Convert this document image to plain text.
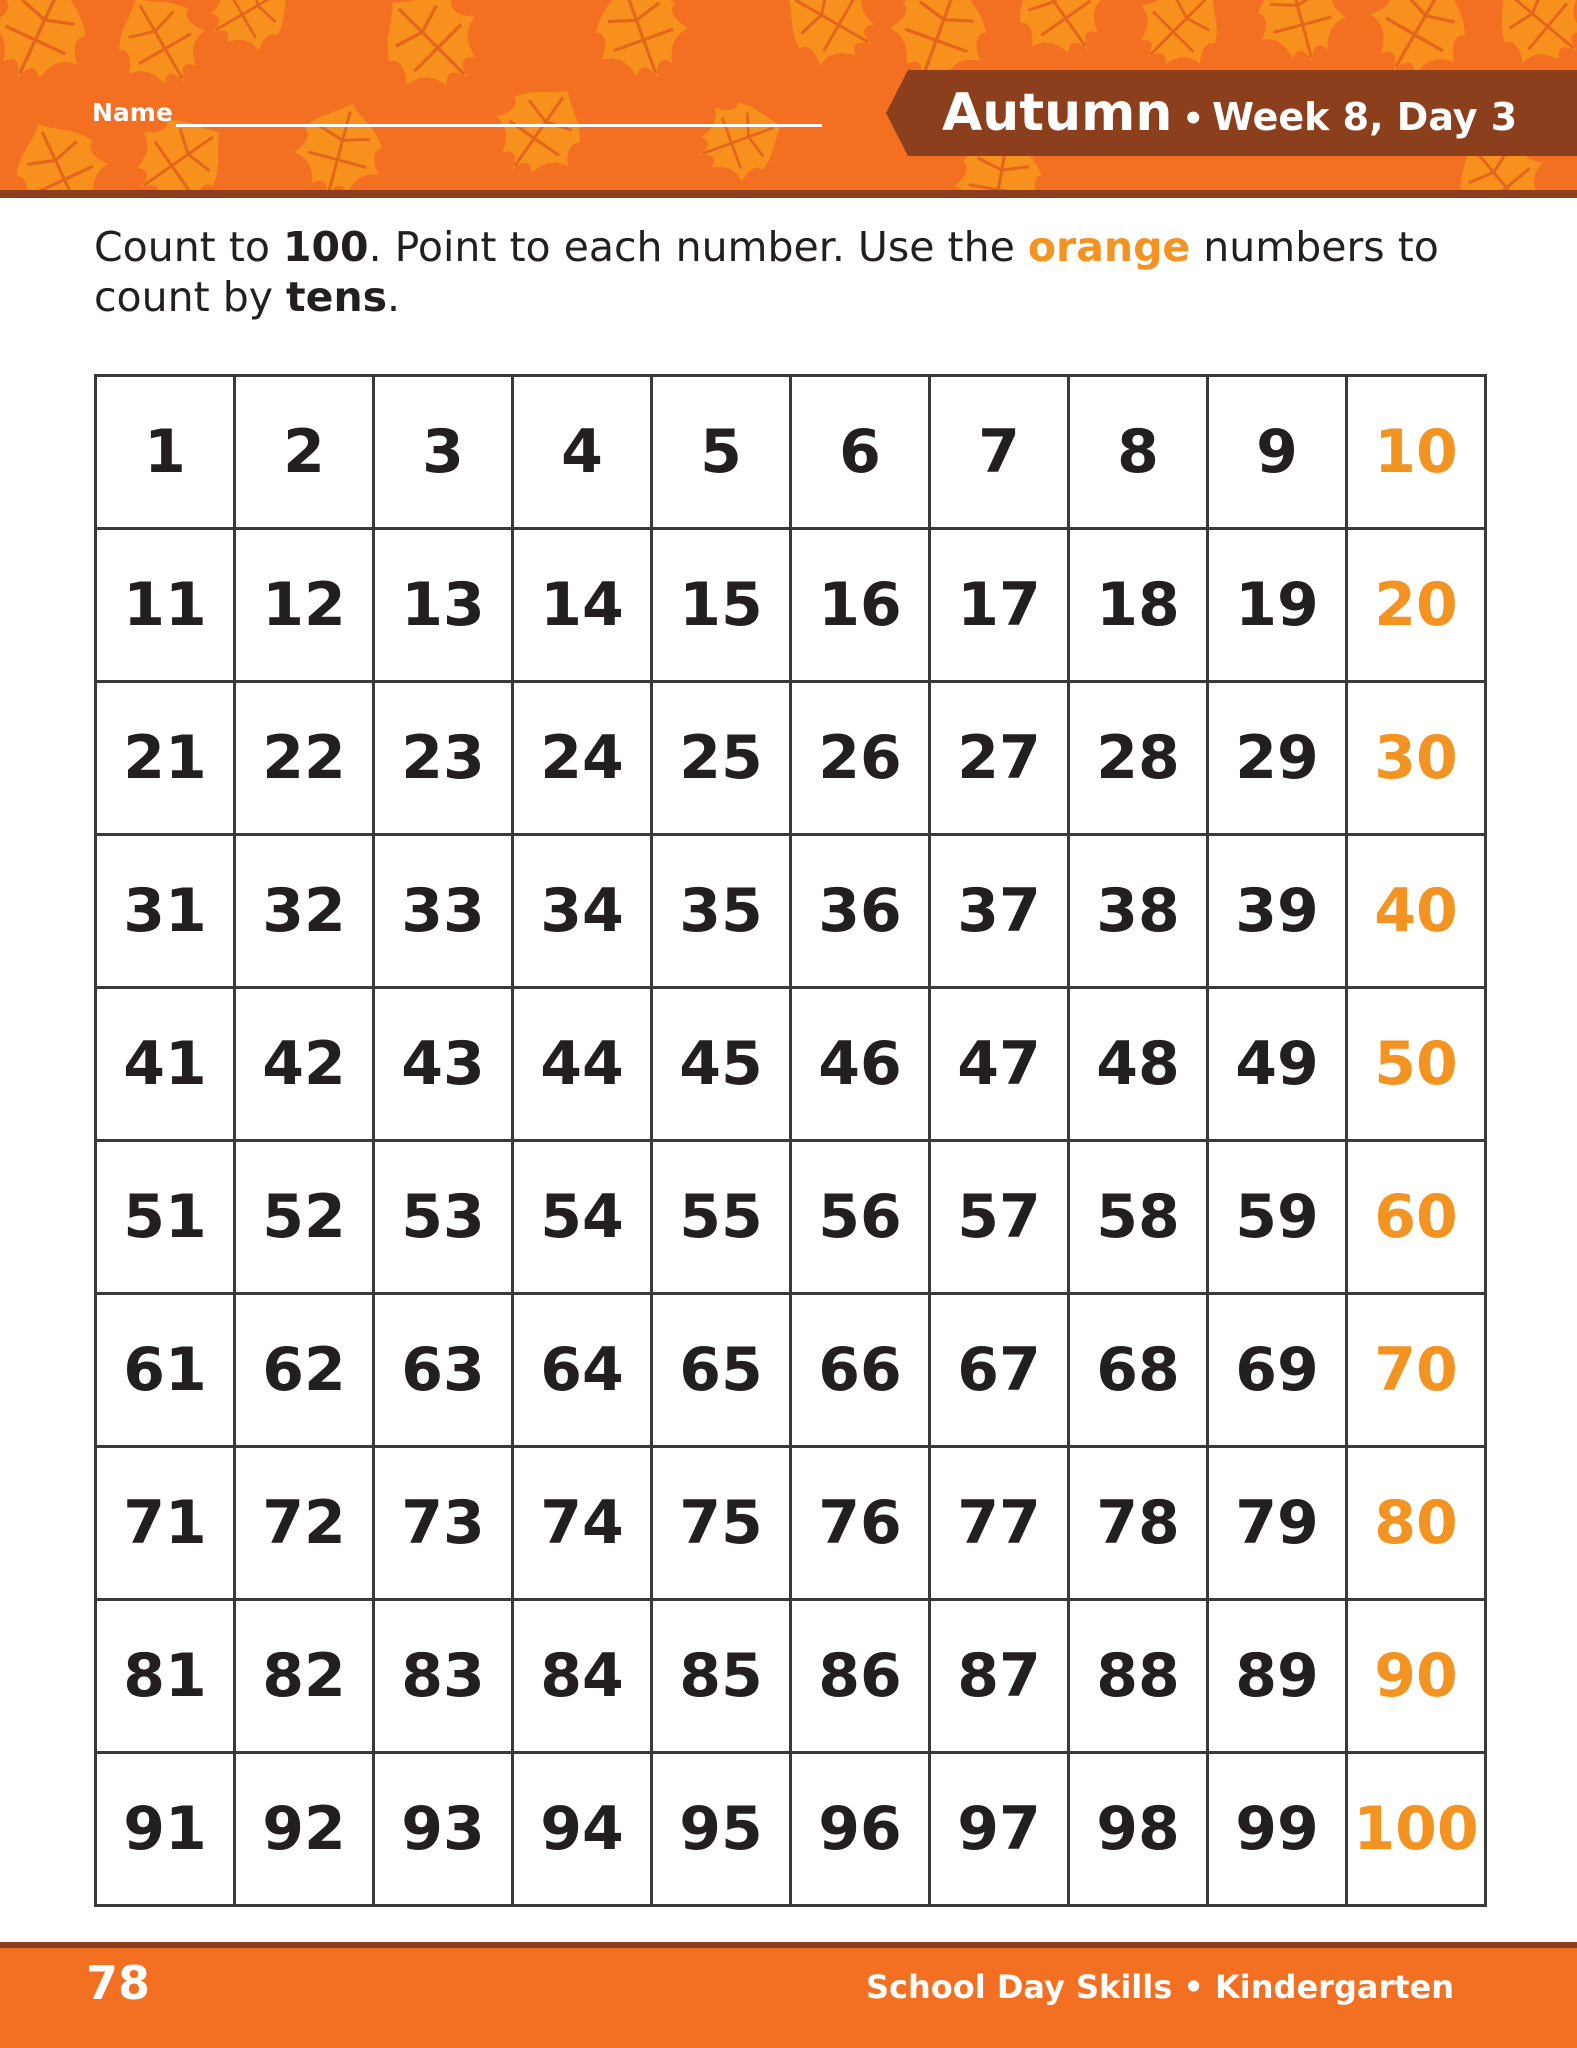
Name	Autumn • Week 8, Day 3
Count to 100. Point to each number. Use the orange numbers to count by tens.
1	2	3	4	5	6	7	8	9	10
11	12	13	14	15	16	17	18	19	20
21	22	23	24	25	26	27	28	29	30
31	32	33	34	35	36	37	38	39	40
41	42	43	44	45	46	47	48	49	50
51	52	53	54	55	56	57	58	59	60
61	62	63	64	65	66	67	68	69	70
71	72	73	74	75	76	77	78	79	80
81	82	83	84	85	86	87	88	89	90
91	92	93	94	95	96	97	98	99	100
78	School Day Skills • Kindergarten
